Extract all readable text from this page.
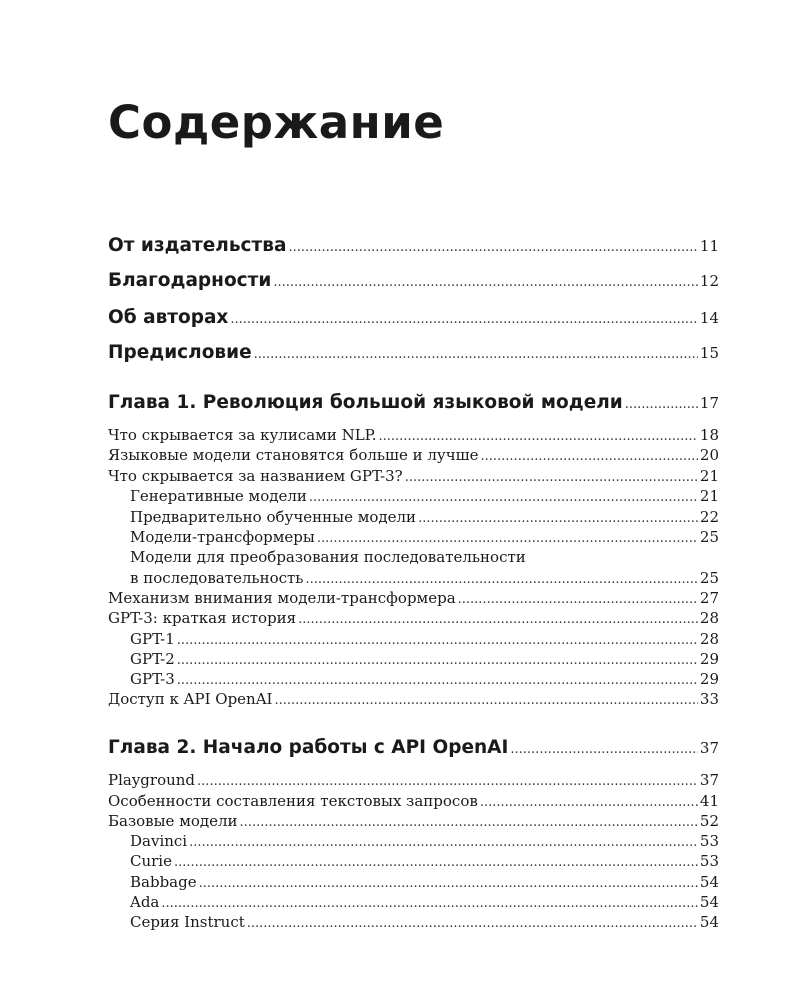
Содержание
От издательства .....	11
Благодарности .....	12
Об авторах .....	14
Предисловие .....	15
Глава 1. Революция большой языковой модели .....	17
Что скрывается за кулисами NLP. .....	18
Языковые модели становятся больше и лучше .....	20
Что скрывается за названием GPT-3? .....	21
Генеративные модели .....	21
Предварительно обученные модели .....	22
Модели-трансформеры .....	25
Модели для преобразования последовательности
в последовательность .....	25
Механизм внимания модели-трансформера .....	27
GPT-3: краткая история .....	28
GPT-1 .....	28
GPT-2 .....	29
GPT-3 .....	29
Доступ к API OpenAI .....	33
Глава 2. Начало работы с API OpenAI .....	37
Playground .....	37
Особенности составления текстовых запросов .....	41
Базовые модели .....	52
Davinci .....	53
Curie .....	53
Babbage .....	54
Ada .....	54
Серия Instruct .....	54
